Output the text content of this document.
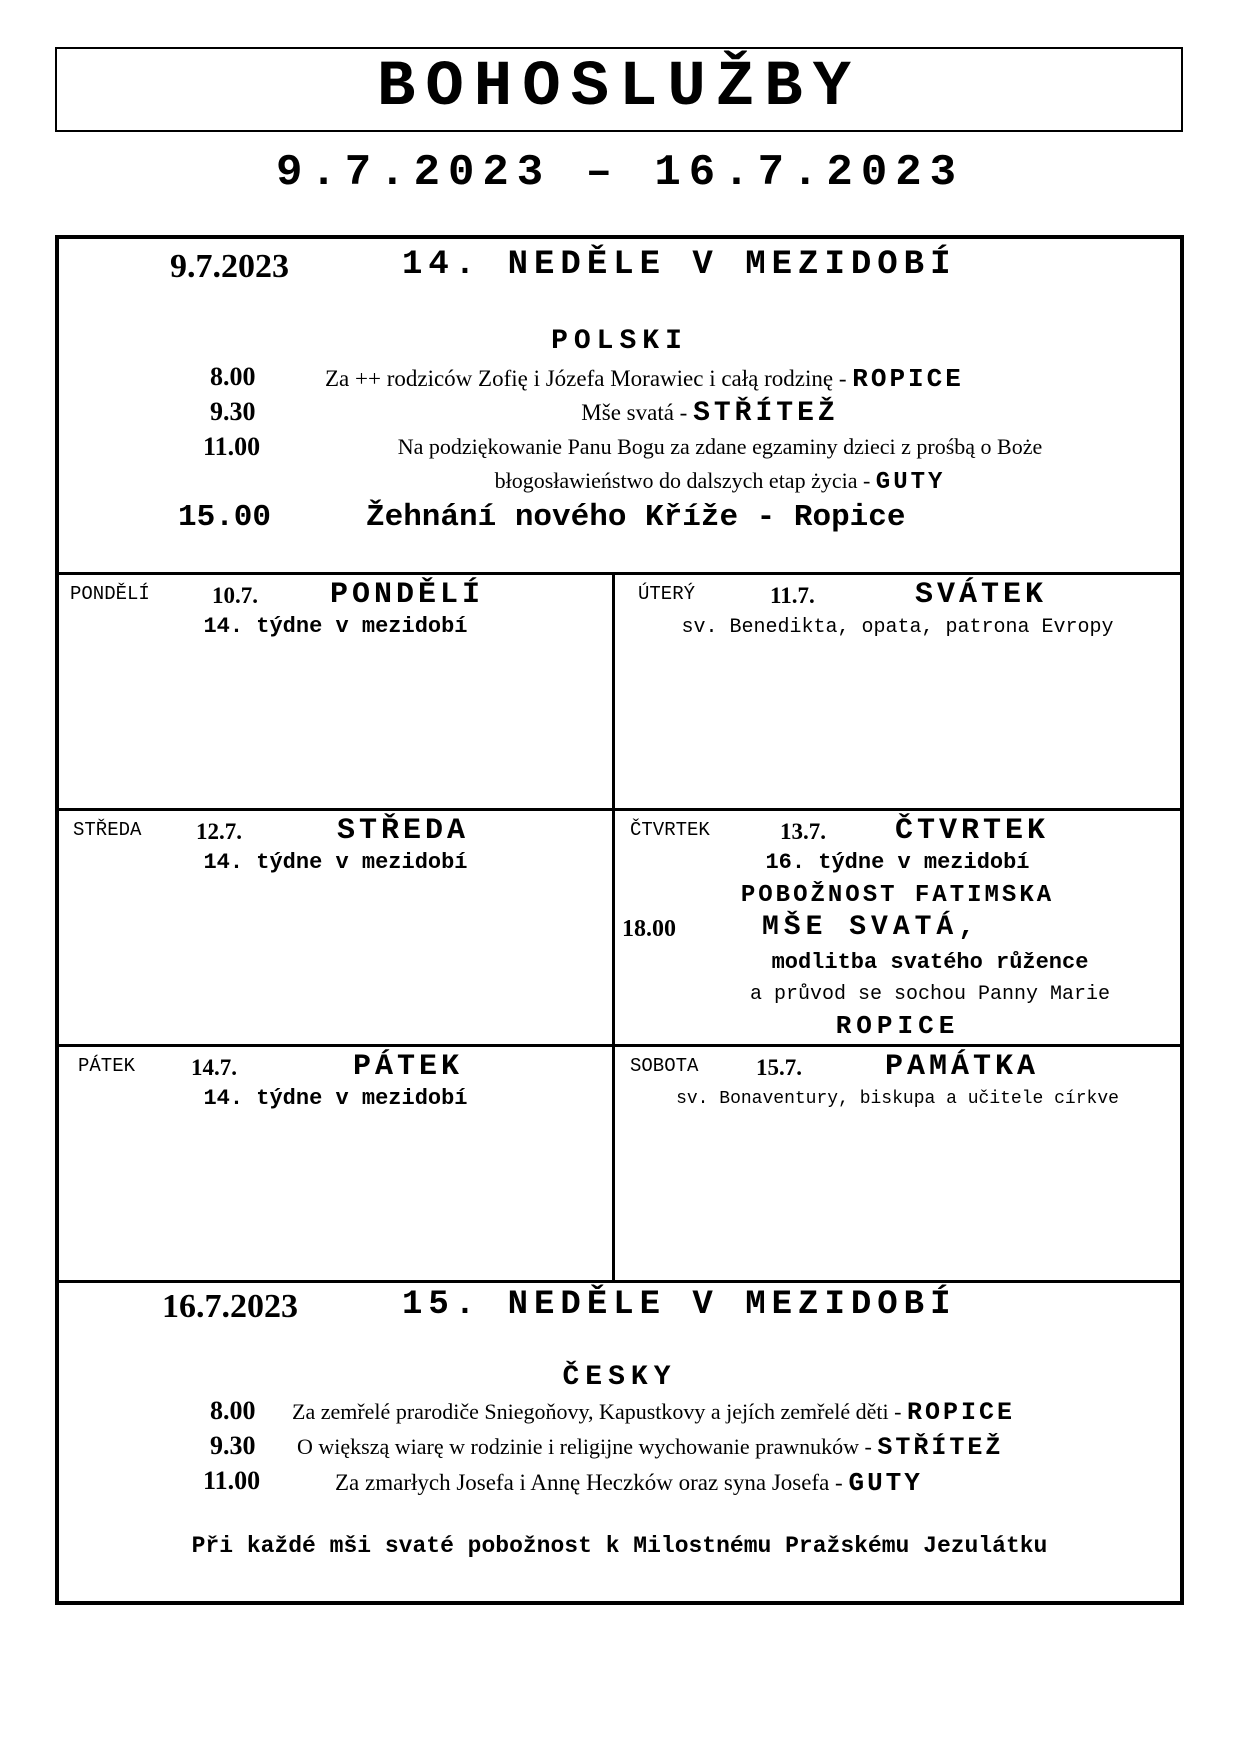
BOHOSLUŽBY
9.7.2023 – 16.7.2023
9.7.2023	14. NEDĚLE V MEZIDOBÍ
POLSKI
8.00	Za ++ rodziców Zofię i Józefa Morawiec i całą rodzinę - ROPICE
9.30	Mše svatá - STŘÍTEŽ
11.00	Na podziękowanie Panu Bogu za zdane egzaminy dzieci z prośbą o Boże
błogosławieństwo do dalszych etap życia - GUTY
15.00	Žehnání nového Kříže - Ropice
PONDĚLÍ	10.7. PONDĚLÍ
14. týdne v mezidobí
ÚTERÝ	11.7.	SVÁTEK
sv. Benedikta, opata, patrona Evropy
STŘEDA 12.7.	STŘEDA
14. týdne v mezidobí
ČTVRTEK	13.7. ČTVRTEK
16. týdne v mezidobí
POBOŽNOST FATIMSKA
18.00	MŠE SVATÁ,
modlitba svatého růžence
a průvod se sochou Panny Marie
ROPICE
PÁTEK 14.7.	PÁTEK
14. týdne v mezidobí
SOBOTA	15.7.	PAMÁTKA
sv. Bonaventury, biskupa a učitele církve
16.7.2023	15. NEDĚLE V MEZIDOBÍ
ČESKY
8.00 Za zemřelé prarodiče Sniegoňovy, Kapustkovy a jejích zemřelé děti - ROPICE
9.30 O większą wiarę w rodzinie i religijne wychowanie prawnuków - STŘÍTEŽ
11.00	Za zmarłych Josefa i Annę Heczków oraz syna Josefa - GUTY
Při každé mši svaté pobožnost k Milostnému Pražskému Jezulátku
